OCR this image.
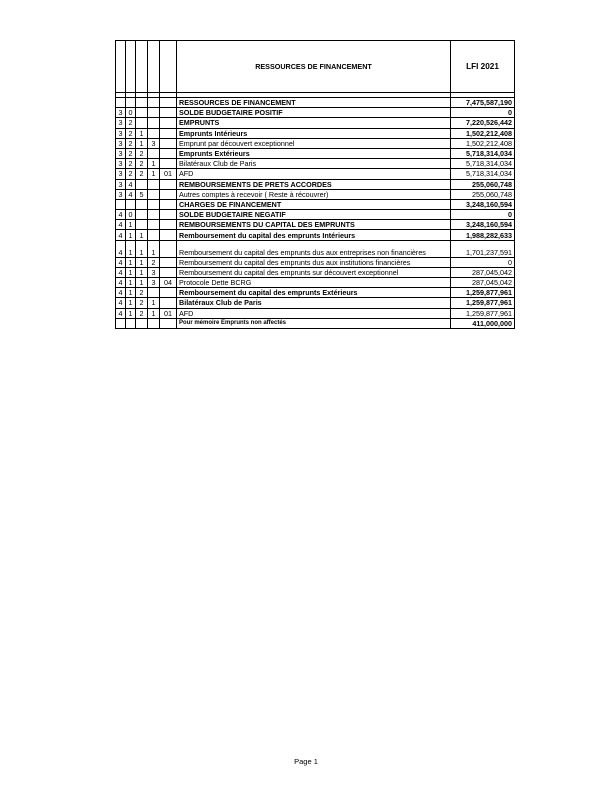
					RESSOURCES DE FINANCEMENT	LFI 2021

					RESSOURCES DE FINANCEMENT	7,475,587,190
3	0				SOLDE BUDGETAIRE POSITIF	0
3	2				EMPRUNTS	7,220,526,442
3	2	1			Emprunts Intérieurs	1,502,212,408
3	2	1	3		Emprunt par découvert exceptionnel	1,502,212,408
3	2	2			Emprunts Extérieurs	5,718,314,034
3	2	2	1		Bilatéraux Club de Paris	5,718,314,034
3	2	2	1	01	AFD	5,718,314,034
3	4				REMBOURSEMENTS DE PRETS ACCORDES	255,060,748
3	4	5			Autres comptes à recevoir ( Reste à récouvrer)	255,060,748
					CHARGES DE FINANCEMENT	3,248,160,594
4	0				SOLDE BUDGETAIRE NEGATIF	0
4	1				REMBOURSEMENTS DU CAPITAL DES EMPRUNTS	3,248,160,594
4	1	1			Remboursement du capital des emprunts Intérieurs	1,988,282,633
4	1	1	1		Remboursement du capital des emprunts dus aux entreprises non financières	1,701,237,591
4	1	1	2		Remboursement du capital des emprunts dus aux institutions financières	0
4	1	1	3		Remboursement du capital des emprunts sur découvert exceptionnel	287,045,042
4	1	1	3	04	Protocole Dette BCRG	287,045,042
4	1	2			Remboursement du capital des emprunts Extérieurs	1,259,877,961
4	1	2	1		Bilatéraux Club de Paris	1,259,877,961
4	1	2	1	01	AFD	1,259,877,961
					Pour mémoire Emprunts non affectés	411,000,000
Page 1
